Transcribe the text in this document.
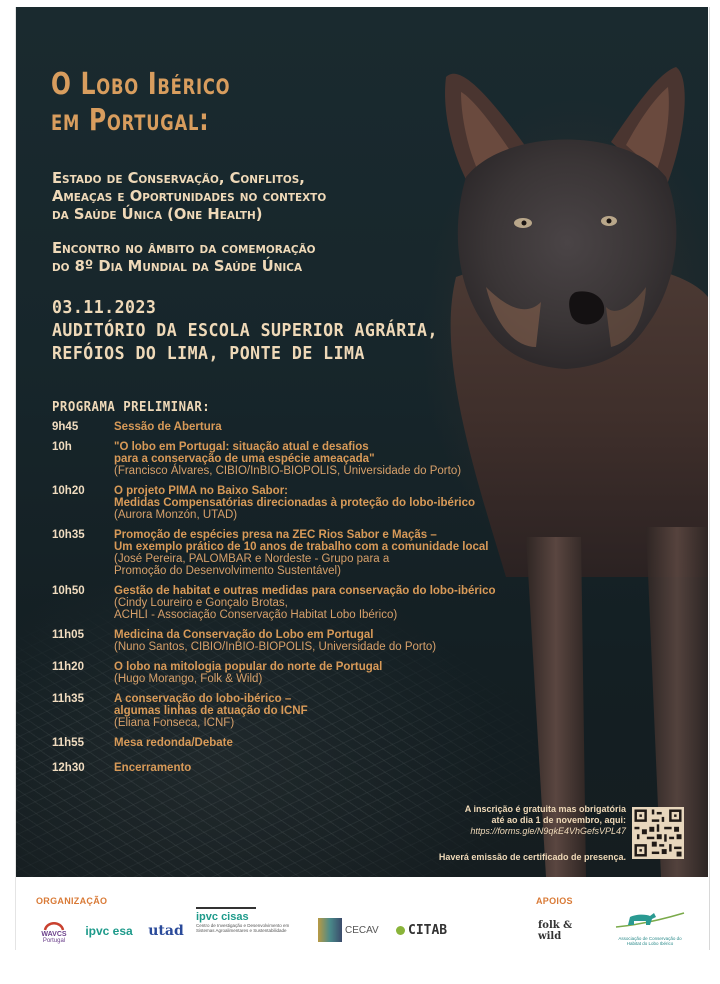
O Lobo Ibérico
em Portugal:
Estado de Conservação, Conflitos,
Ameaças e Oportunidades no contexto
da Saúde Única (One Health)
Encontro no âmbito da comemoração
do 8º Dia Mundial da Saúde Única
03.11.2023
AUDITÓRIO DA ESCOLA SUPERIOR AGRÁRIA,
REFÓIOS DO LIMA, PONTE DE LIMA
PROGRAMA PRELIMINAR:
9h45	Sessão de Abertura
10h	"O lobo em Portugal: situação atual e desafios
para a conservação de uma espécie ameaçada"
(Francisco Álvares, CIBIO/InBIO-BIOPOLIS, Universidade do Porto)
10h20	O projeto PIMA no Baixo Sabor:
Medidas Compensatórias direcionadas à proteção do lobo-ibérico
(Aurora Monzón, UTAD)
10h35	Promoção de espécies presa na ZEC Rios Sabor e Maçãs –
Um exemplo prático de 10 anos de trabalho com a comunidade local
(José Pereira, PALOMBAR e Nordeste - Grupo para a
Promoção do Desenvolvimento Sustentável)
10h50	Gestão de habitat e outras medidas para conservação do lobo-ibérico
(Cindy Loureiro e Gonçalo Brotas,
ACHLI - Associação Conservação Habitat Lobo Ibérico)
11h05	Medicina da Conservação do Lobo em Portugal
(Nuno Santos, CIBIO/InBIO-BIOPOLIS, Universidade do Porto)
11h20	O lobo na mitologia popular do norte de Portugal
(Hugo Morango, Folk & Wild)
11h35	A conservação do lobo-ibérico –
algumas linhas de atuação do ICNF
(Eliana Fonseca, ICNF)
11h55	Mesa redonda/Debate
12h30	Encerramento
A inscrição é gratuita mas obrigatória
até ao dia 1 de novembro, aqui:
https://forms.gle/N9qkE4VhGefsVPL47
Haverá emissão de certificado de presença.
ORGANIZAÇÃO	APOIOS
WAVCS
Portugal
ipvc esa utad
ipvc cisas
Centro de Investigação e Desenvolvimento em Sistemas Agroalimentares e Sustentabilidade	CECAV CITAB	folk & wild	Associação de Conservação do Habitat do Lobo Ibérico
